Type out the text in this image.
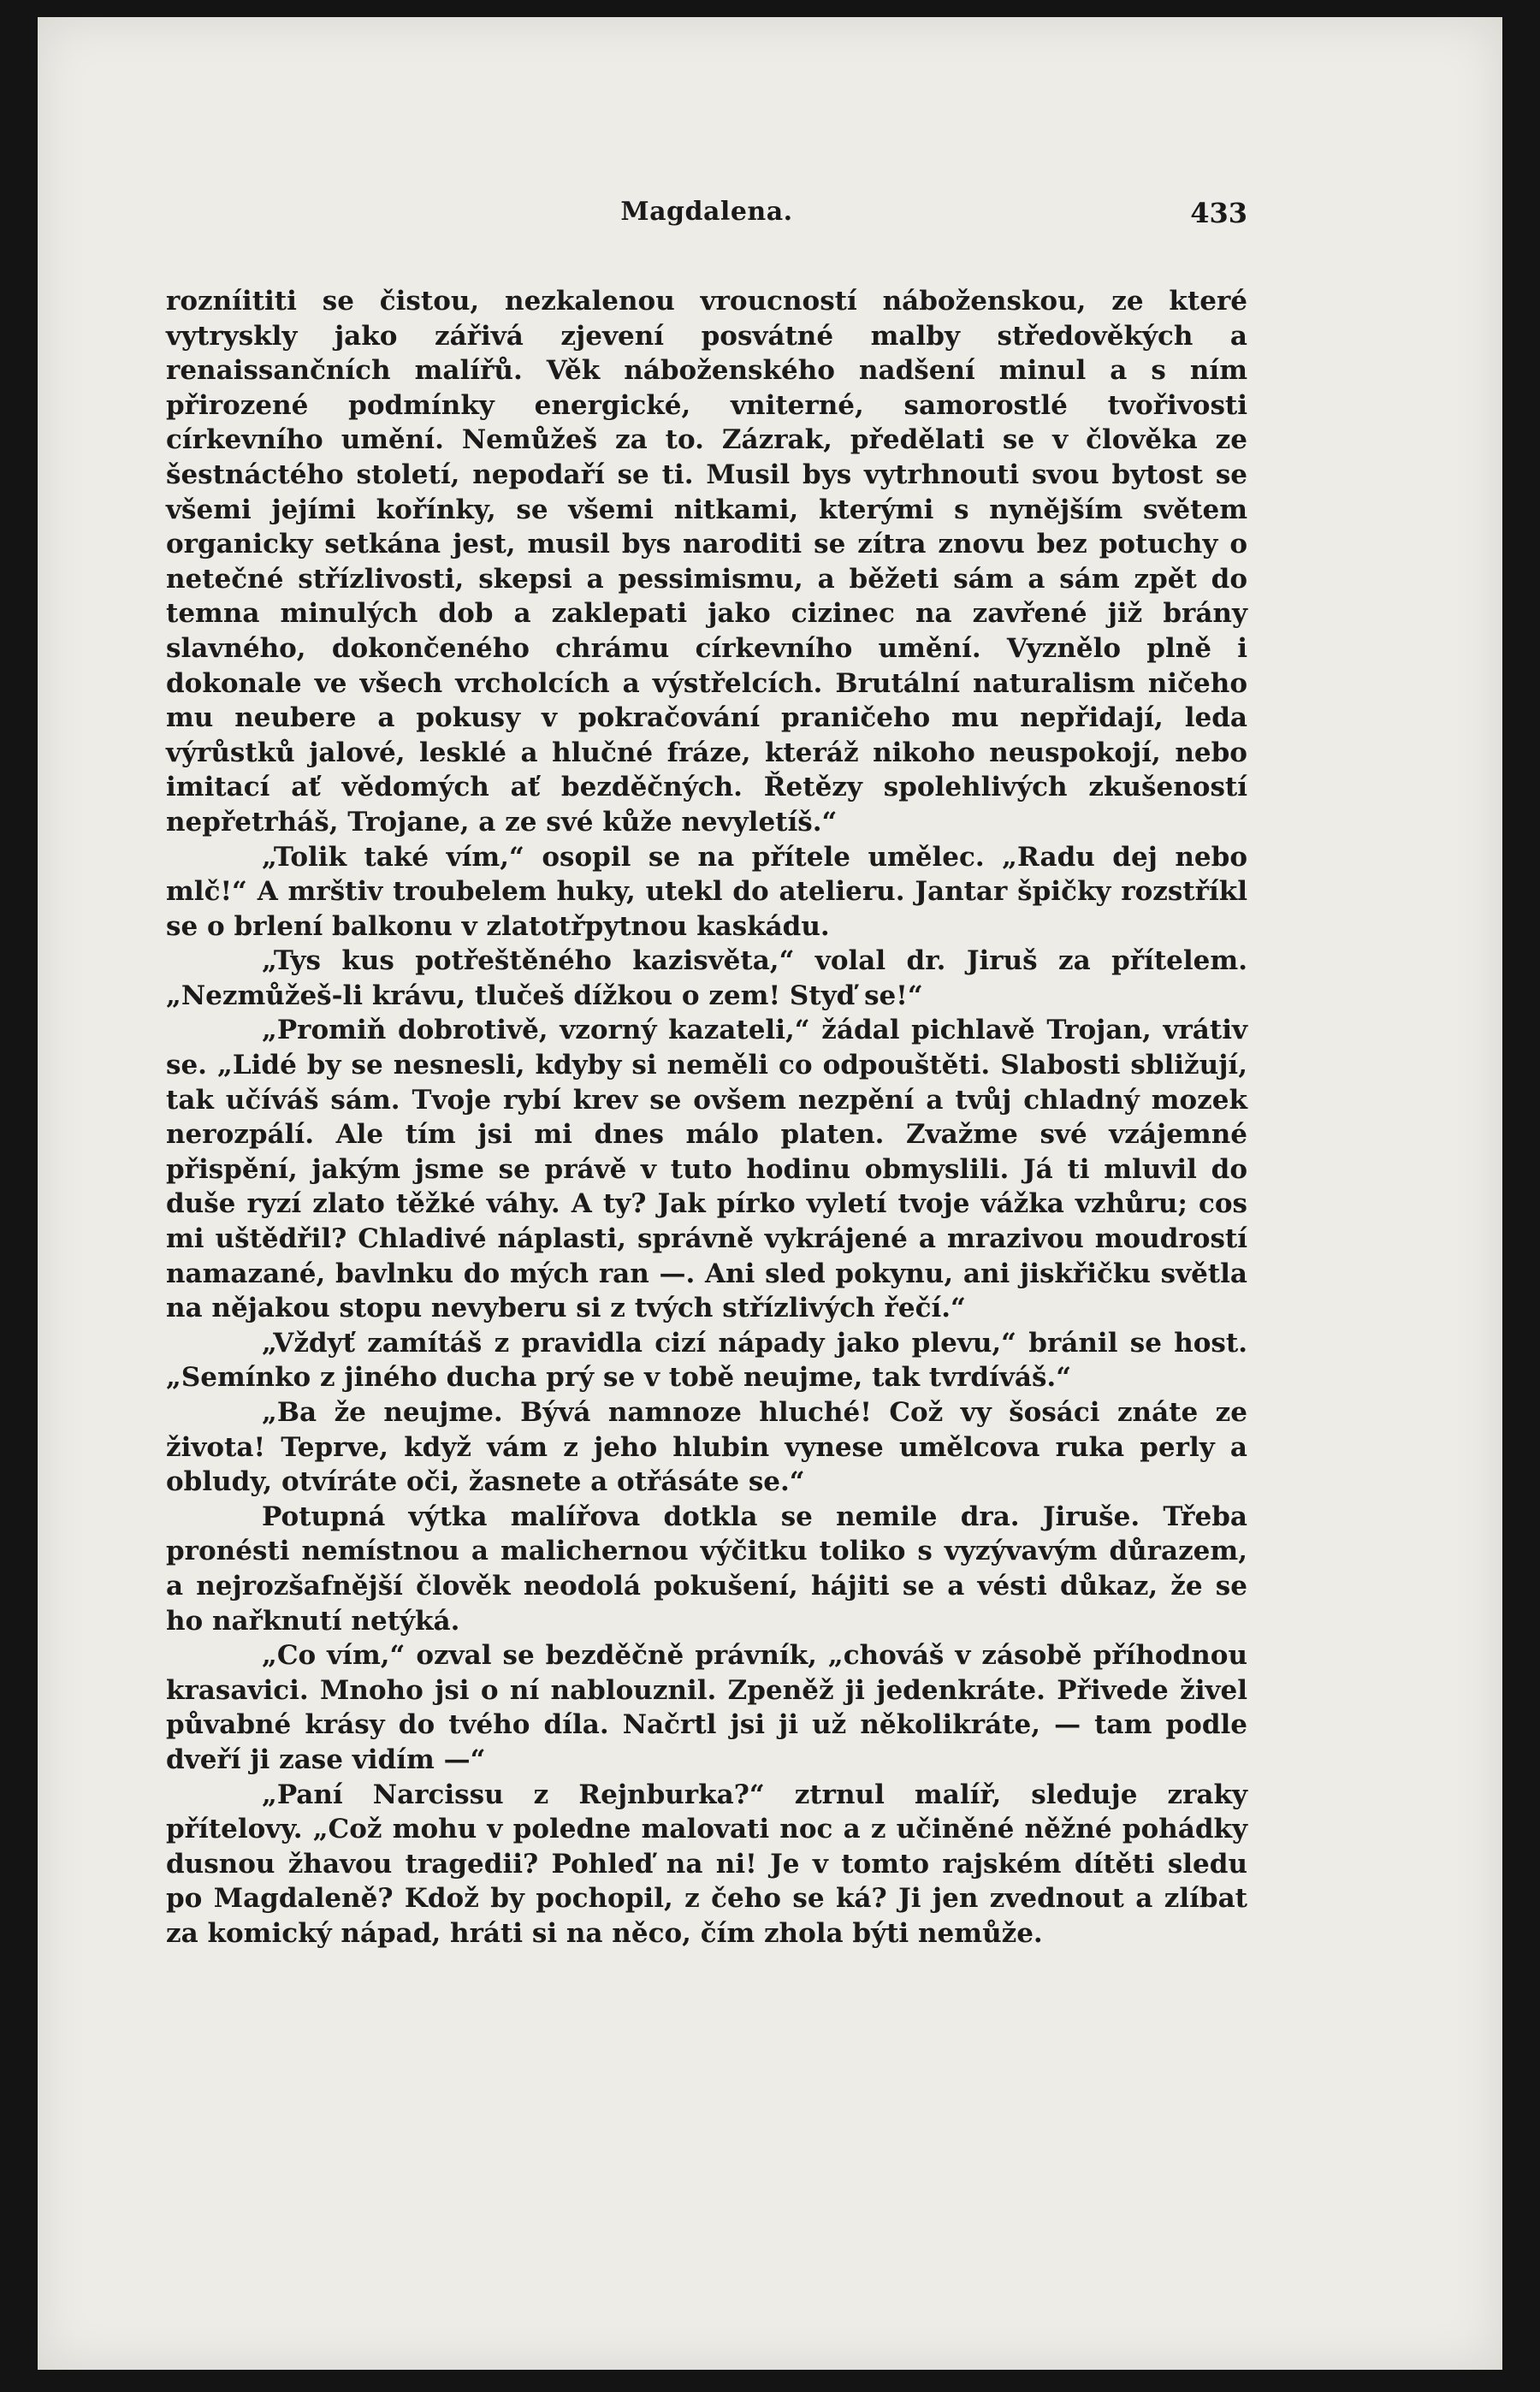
Magdalena.	433

rozníititi se čistou, nezkalenou vroucností náboženskou, ze které vytryskly jako zářivá zjevení posvátné malby středověkých a renaissančních malířů. Věk náboženského nadšení minul a s ním přirozené podmínky energické, vniterné, samorostlé tvořivosti církevního umění. Nemůžeš za to. Zázrak, předělati se v člověka ze šestnáctého století, nepodaří se ti. Musil bys vytrhnouti svou bytost se všemi jejími kořínky, se všemi nitkami, kterými s nynějším světem organicky setkána jest, musil bys naroditi se zítra znovu bez potuchy o netečné střízlivosti, skepsi a pessimismu, a běžeti sám a sám zpět do temna minulých dob a zaklepati jako cizinec na zavřené již brány slavného, dokončeného chrámu církevního umění. Vyznělo plně i dokonale ve všech vrcholcích a výstřelcích. Brutální naturalism ničeho mu neubere a pokusy v pokračování praničeho mu nepřidají, leda výrůstků jalové, lesklé a hlučné fráze, kteráž nikoho neuspokojí, nebo imitací ať vědomých ať bezděčných. Řetězy spolehlivých zkušeností nepřetrháš, Trojane, a ze své kůže nevyletíš.“

„Tolik také vím,“ osopil se na přítele umělec. „Radu dej nebo mlč!“ A mrštiv troubelem huky, utekl do atelieru. Jantar špičky rozstříkl se o brlení balkonu v zlatotřpytnou kaskádu.

„Tys kus potřeštěného kazisvěta,“ volal dr. Jiruš za přítelem. „Nezmůžeš-li krávu, tlučeš dížkou o zem! Styď se!“

„Promiň dobrotivě, vzorný kazateli,“ žádal pichlavě Trojan, vrátiv se. „Lidé by se nesnesli, kdyby si neměli co odpouštěti. Slabosti sbližují, tak učíváš sám. Tvoje rybí krev se ovšem nezpění a tvůj chladný mozek nerozpálí. Ale tím jsi mi dnes málo platen. Zvažme své vzájemné přispění, jakým jsme se právě v tuto hodinu obmyslili. Já ti mluvil do duše ryzí zlato těžké váhy. A ty? Jak pírko vyletí tvoje vážka vzhůru; cos mi uštědřil? Chladivé náplasti, správně vykrájené a mrazivou moudrostí namazané, bavlnku do mých ran —. Ani sled pokynu, ani jiskřičku světla na nějakou stopu nevyberu si z tvých střízlivých řečí.“

„Vždyť zamítáš z pravidla cizí nápady jako plevu,“ bránil se host. „Semínko z jiného ducha prý se v tobě neujme, tak tvrdíváš.“

„Ba že neujme. Bývá namnoze hluché! Což vy šosáci znáte ze života! Teprve, když vám z jeho hlubin vynese umělcova ruka perly a obludy, otvíráte oči, žasnete a otřásáte se.“

Potupná výtka malířova dotkla se nemile dra. Jiruše. Třeba pronésti nemístnou a malichernou výčitku toliko s vyzývavým důrazem, a nejrozšafnější člověk neodolá pokušení, hájiti se a vésti důkaz, že se ho nařknutí netýká.

„Co vím,“ ozval se bezděčně právník, „chováš v zásobě příhodnou krasavici. Mnoho jsi o ní nablouznil. Zpeněž ji jedenkráte. Přivede živel půvabné krásy do tvého díla. Načrtl jsi ji už několikráte, — tam podle dveří ji zase vidím —“

„Paní Narcissu z Rejnburka?“ ztrnul malíř, sleduje zraky přítelovy. „Což mohu v poledne malovati noc a z učiněné něžné pohádky dusnou žhavou tragedii? Pohleď na ni! Je v tomto rajském dítěti sledu po Magdaleně? Kdož by pochopil, z čeho se ká? Ji jen zvednout a zlíbat za komický nápad, hráti si na něco, čím zhola býti nemůže.
